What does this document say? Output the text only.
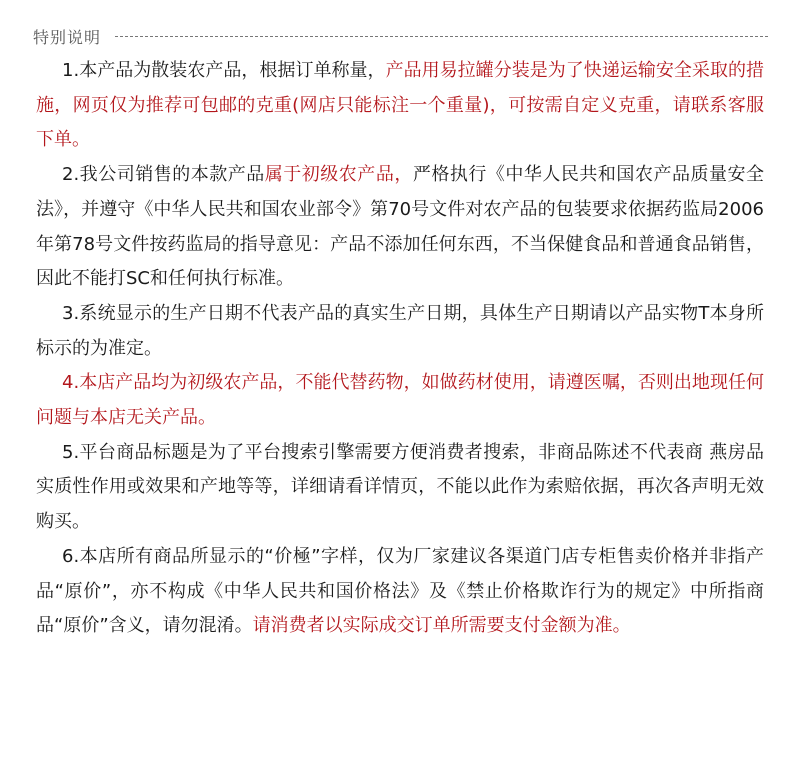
特别说明

1.本产品为散装农产品，根据订单称量，产品用易拉罐分装是为了快递运输安全采取的措施，网页仅为推荐可包邮的克重(网店只能标注一个重量)，可按需自定义克重，请联系客服下单。

2.我公司销售的本款产品属于初级农产品，严格执行《中华人民共和国农产品质量安全法》，并遵守《中华人民共和国农业部令》第70号文件对农产品的包装要求依据药监局2006年第78号文件按药监局的指导意见：产品不添加任何东西，不当保健食品和普通食品销售，因此不能打SC和任何执行标准。

3.系统显示的生产日期不代表产品的真实生产日期，具体生产日期请以产品实物T本身所标示的为准定。

4.本店产品均为初级农产品，不能代替药物，如做药材使用，请遵医嘱，否则出地现任何问题与本店无关产品。

5.平台商品标题是为了平台搜索引擎需要方便消费者搜索，非商品陈述不代表商 燕房品实质性作用或效果和产地等等，详细请看详情页，不能以此作为索赔依据，再次各声明无效购买。

6.本店所有商品所显示的“价極”字样，仅为厂家建议各渠道门店专柜售卖价格并非指产品“原价”，亦不构成《中华人民共和国价格法》及《禁止价格欺诈行为的规定》中所指商品“原价”含义，请勿混淆。请消费者以实际成交订单所需要支付金额为准。
